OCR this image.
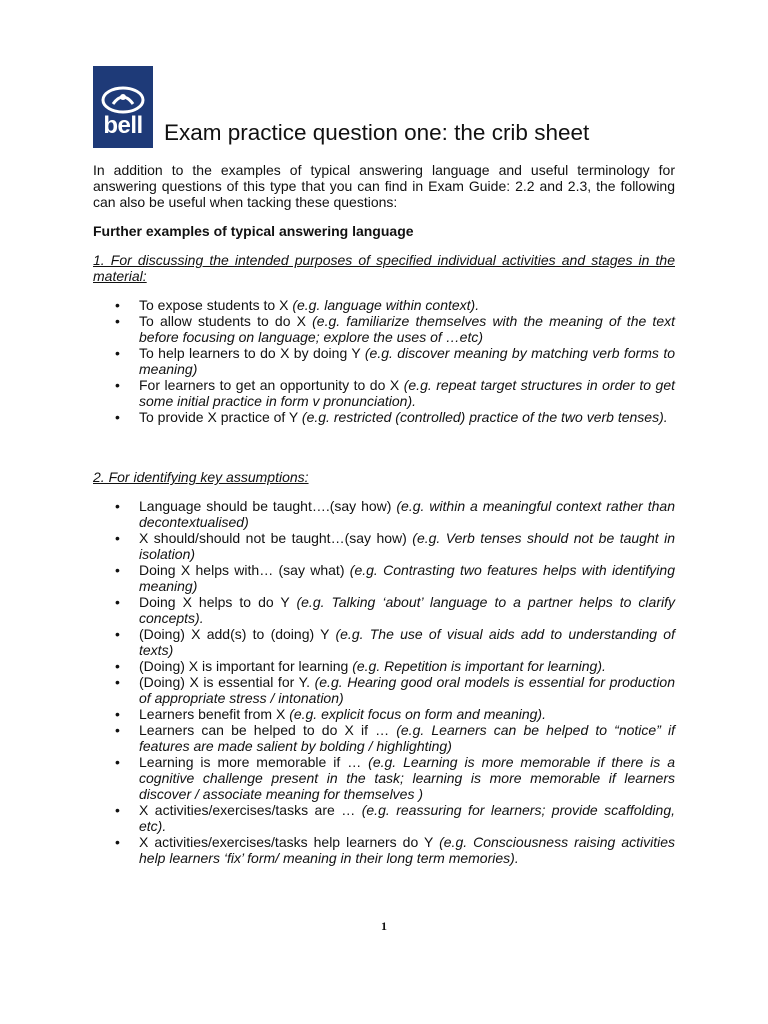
bell Exam practice question one: the crib sheet

In addition to the examples of typical answering language and useful terminology for answering questions of this type that you can find in Exam Guide: 2.2 and 2.3, the following can also be useful when tacking these questions:

Further examples of typical answering language

1. For discussing the intended purposes of specified individual activities and stages in the material:

• To expose students to X (e.g. language within context).
• To allow students to do X (e.g. familiarize themselves with the meaning of the text before focusing on language; explore the uses of …etc)
• To help learners to do X by doing Y (e.g. discover meaning by matching verb forms to meaning)
• For learners to get an opportunity to do X (e.g. repeat target structures in order to get some initial practice in form v pronunciation).
• To provide X practice of Y (e.g. restricted (controlled) practice of the two verb tenses).

2. For identifying key assumptions:

• Language should be taught….(say how) (e.g. within a meaningful context rather than decontextualised)
• X should/should not be taught…(say how) (e.g. Verb tenses should not be taught in isolation)
• Doing X helps with… (say what) (e.g. Contrasting two features helps with identifying meaning)
• Doing X helps to do Y (e.g. Talking ‘about’ language to a partner helps to clarify concepts).
• (Doing) X add(s) to (doing) Y (e.g. The use of visual aids add to understanding of texts)
• (Doing) X is important for learning (e.g. Repetition is important for learning).
• (Doing) X is essential for Y. (e.g. Hearing good oral models is essential for production of appropriate stress / intonation)
• Learners benefit from X (e.g. explicit focus on form and meaning).
• Learners can be helped to do X if … (e.g. Learners can be helped to “notice” if features are made salient by bolding / highlighting)
• Learning is more memorable if … (e.g. Learning is more memorable if there is a cognitive challenge present in the task; learning is more memorable if learners discover / associate meaning for themselves )
• X activities/exercises/tasks are … (e.g. reassuring for learners; provide scaffolding, etc).
• X activities/exercises/tasks help learners do Y (e.g. Consciousness raising activities help learners ‘fix’ form/ meaning in their long term memories).
1
